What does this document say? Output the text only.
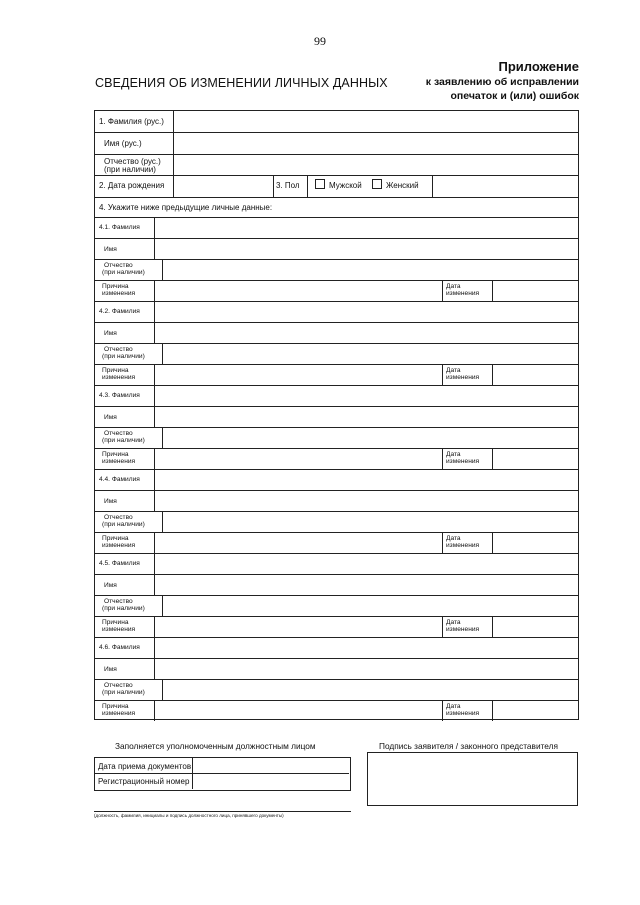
99
СВЕДЕНИЯ ОБ ИЗМЕНЕНИИ ЛИЧНЫХ ДАННЫХ
Приложение
к заявлению об исправлении
опечаток и (или) ошибок
1. Фамилия (рус.)
Имя (рус.)
Отчество (рус.)
(при наличии)
2. Дата рождения	3. Пол	Мужской	Женский
4. Укажите ниже предыдущие личные данные:
4.1. Фамилия
Имя
Отчество
(при наличии)
Причина
изменения
Дата
изменения
4.2. Фамилия
Имя
Отчество
(при наличии)
Причина
изменения
Дата
изменения
4.3. Фамилия
Имя
Отчество
(при наличии)
Причина
изменения
Дата
изменения
4.4. Фамилия
Имя
Отчество
(при наличии)
Причина
изменения
Дата
изменения
4.5. Фамилия
Имя
Отчество
(при наличии)
Причина
изменения
Дата
изменения
4.6. Фамилия
Имя
Отчество
(при наличии)
Причина
изменения
Дата
изменения
Заполняется уполномоченным должностным лицом	Подпись заявителя / законного представителя
Дата приема документов
Регистрационный номер
(должность, фамилия, инициалы и подпись должностного лица, принявшего документы)
